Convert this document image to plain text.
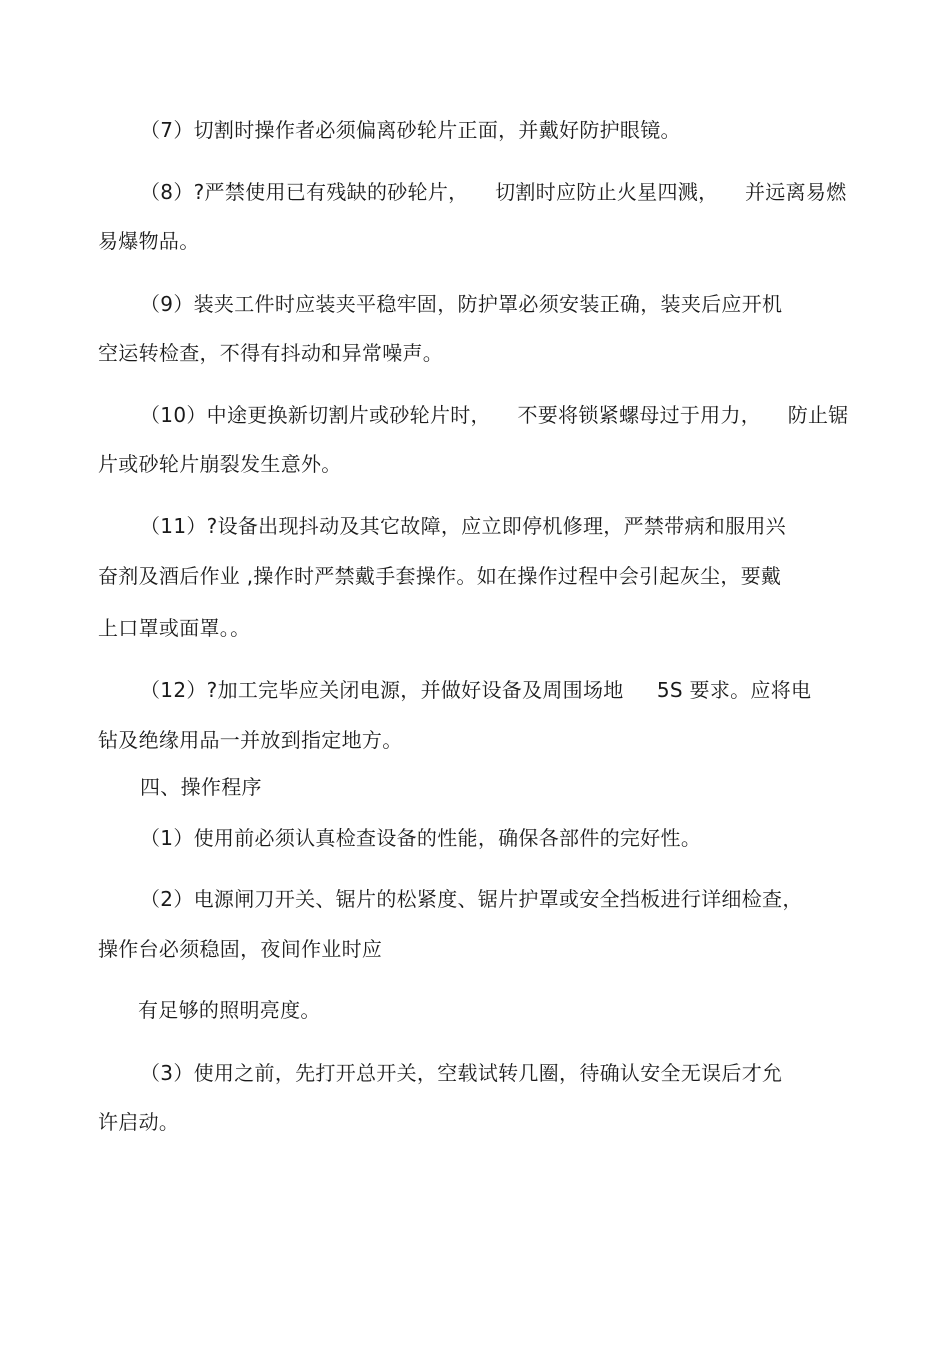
（7）切割时操作者必须偏离砂轮片正面，并戴好防护眼镜。
（8）?严禁使用已有残缺的砂轮片，    切割时应防止火星四溅，    并远离易燃
易爆物品。
（9）装夹工件时应装夹平稳牢固，防护罩必须安装正确，装夹后应开机
空运转检查，不得有抖动和异常噪声。
（10）中途更换新切割片或砂轮片时，    不要将锁紧螺母过于用力，    防止锯
片或砂轮片崩裂发生意外。
（11）?设备出现抖动及其它故障，应立即停机修理，严禁带病和服用兴
奋剂及酒后作业 ,操作时严禁戴手套操作。如在操作过程中会引起灰尘，要戴
上口罩或面罩。。
（12）?加工完毕应关闭电源，并做好设备及周围场地     5S 要求。应将电
钻及绝缘用品一并放到指定地方。
四、操作程序
（1）使用前必须认真检查设备的性能，确保各部件的完好性。
（2）电源闸刀开关、锯片的松紧度、锯片护罩或安全挡板进行详细检查，
操作台必须稳固，夜间作业时应
有足够的照明亮度。
（3）使用之前，先打开总开关，空载试转几圈，待确认安全无误后才允
许启动。
